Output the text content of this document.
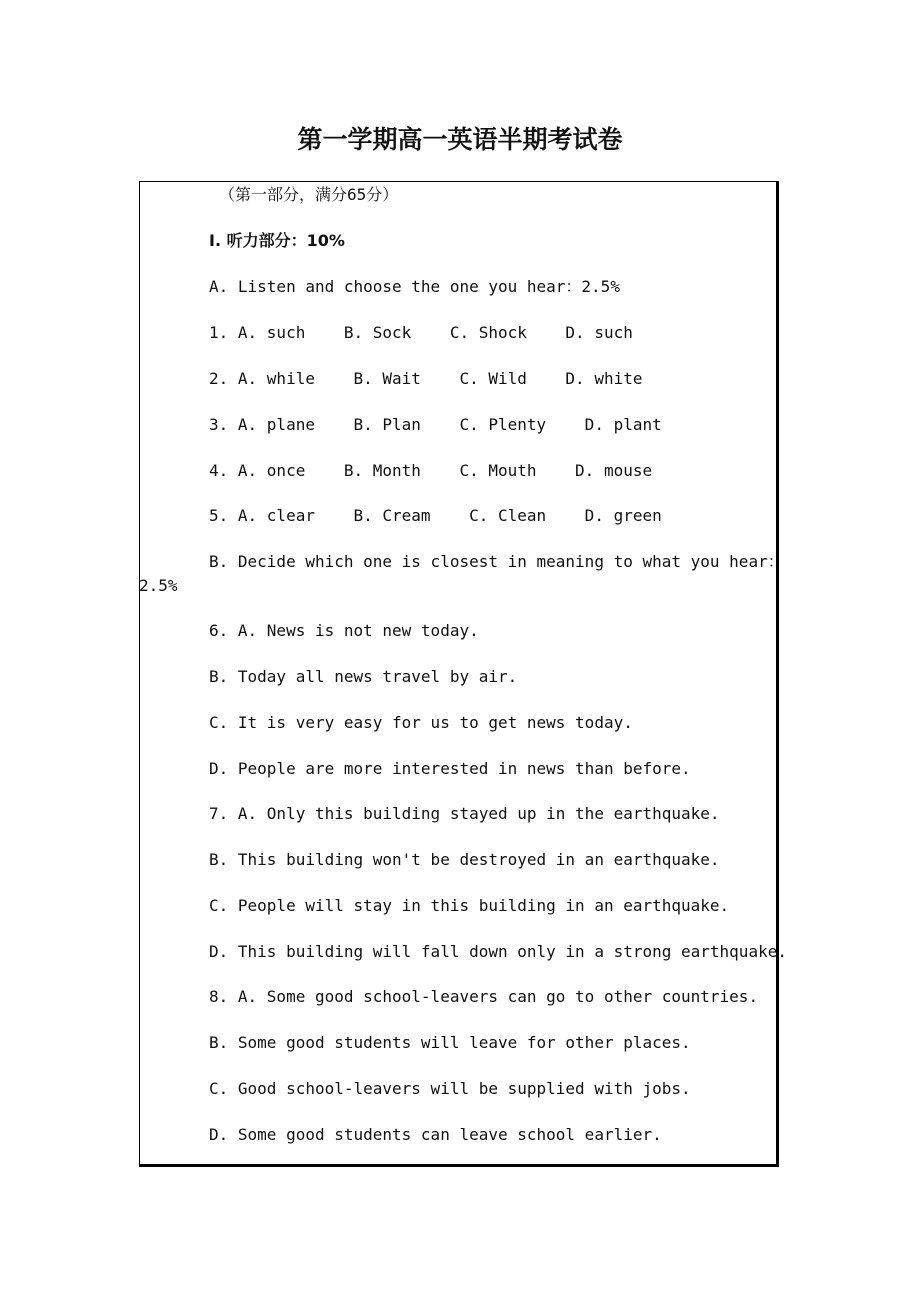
第一学期高一英语半期考试卷
（第一部分，满分65分）
I. 听力部分：10%
A. Listen and choose the one you hear：2.5%
1. A. such    B. Sock    C. Shock    D. such
2. A. while    B. Wait    C. Wild    D. white
3. A. plane    B. Plan    C. Plenty    D. plant
4. A. once    B. Month    C. Mouth    D. mouse
5. A. clear    B. Cream    C. Clean    D. green
B. Decide which one is closest in meaning to what you hear：
2.5%
6. A. News is not new today.
B. Today all news travel by air.
C. It is very easy for us to get news today.
D. People are more interested in news than before.
7. A. Only this building stayed up in the earthquake.
B. This building won't be destroyed in an earthquake.
C. People will stay in this building in an earthquake.
D. This building will fall down only in a strong earthquake.
8. A. Some good school-leavers can go to other countries.
B. Some good students will leave for other places.
C. Good school-leavers will be supplied with jobs.
D. Some good students can leave school earlier.
